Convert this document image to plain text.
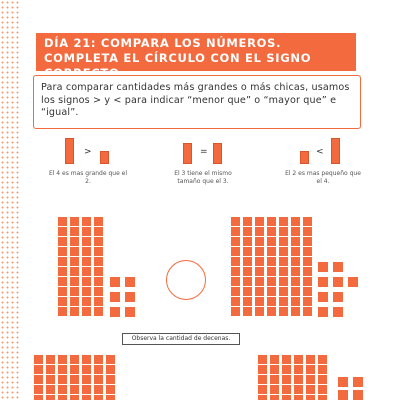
DÍA 21: COMPARA LOS NÚMEROS. COMPLETA EL CÍRCULO CON EL SIGNO CORRECTO.
Para comparar cantidades más grandes o más chicas, usamos los signos > y < para indicar “menor que” o “mayor que” e “igual”.
>
El 4 es mas grande que el 2.
=
El 3 tiene el mismo tamaño que el 3.
<
El 2 es mas pequeño que el 4.
Observa la cantidad de decenas.
